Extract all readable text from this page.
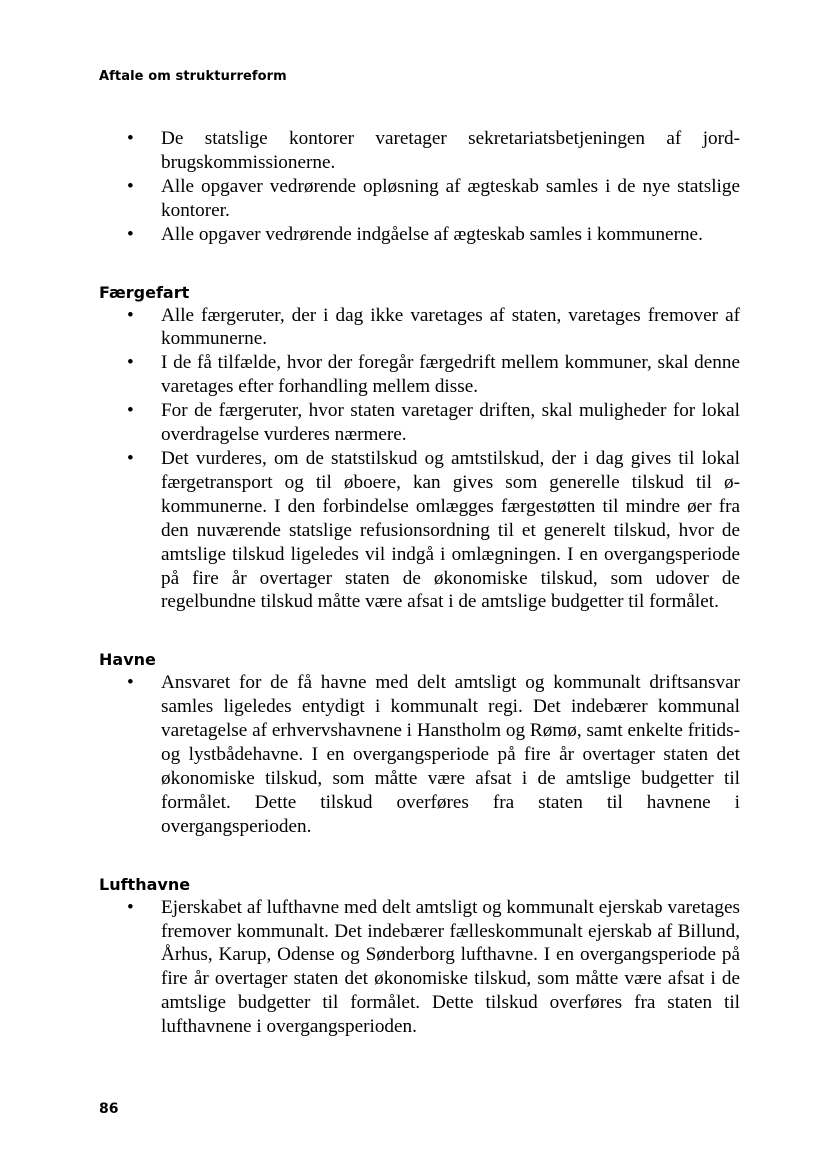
Aftale om strukturreform
• De statslige kontorer varetager sekretariatsbetjeningen af jordbrugskommissionerne.
• Alle opgaver vedrørende opløsning af ægteskab samles i de nye statslige kontorer.
• Alle opgaver vedrørende indgåelse af ægteskab samles i kommunerne.
Færgefart
• Alle færgeruter, der i dag ikke varetages af staten, varetages fremover af kommunerne.
• I de få tilfælde, hvor der foregår færgedrift mellem kommuner, skal denne varetages efter forhandling mellem disse.
• For de færgeruter, hvor staten varetager driften, skal muligheder for lokal overdragelse vurderes nærmere.
• Det vurderes, om de statstilskud og amtstilskud, der i dag gives til lokal færgetransport og til øboere, kan gives som generelle tilskud til ø-kommunerne. I den forbindelse omlægges færgestøtten til mindre øer fra den nuværende statslige refusionsordning til et generelt tilskud, hvor de amtslige tilskud ligeledes vil indgå i omlægningen. I en overgangsperiode på fire år overtager staten de økonomiske tilskud, som udover de regelbundne tilskud måtte være afsat i de amtslige budgetter til formålet.
Havne
• Ansvaret for de få havne med delt amtsligt og kommunalt driftsansvar samles ligeledes entydigt i kommunalt regi. Det indebærer kommunal varetagelse af erhvervshavnene i Hanstholm og Rømø, samt enkelte fritids- og lystbådehavne. I en overgangsperiode på fire år overtager staten det økonomiske tilskud, som måtte være afsat i de amtslige budgetter til formålet. Dette tilskud overføres fra staten til havnene i overgangsperioden.
Lufthavne
• Ejerskabet af lufthavne med delt amtsligt og kommunalt ejerskab varetages fremover kommunalt. Det indebærer fælleskommunalt ejerskab af Billund, Århus, Karup, Odense og Sønderborg lufthavne. I en overgangsperiode på fire år overtager staten det økonomiske tilskud, som måtte være afsat i de amtslige budgetter til formålet. Dette tilskud overføres fra staten til lufthavnene i overgangsperioden.
86
